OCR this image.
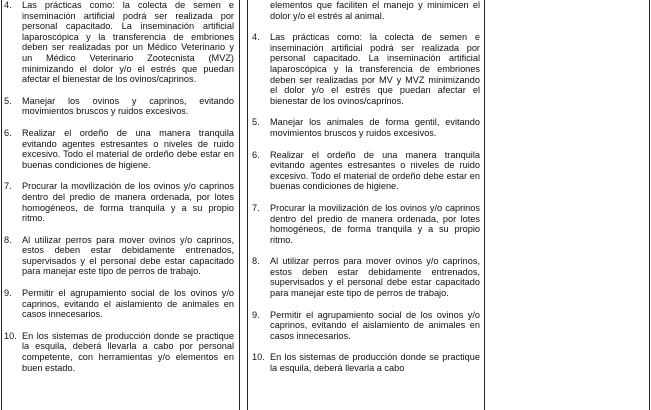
4.	Las prácticas como: la colecta de semen e inseminación artificial podrá ser realizada por personal capacitado. La inseminación artificial laparoscópica y la transferencia de embriones deben ser realizadas por un Médico Veterinario y un Médico Veterinario Zootecnista (MVZ) minimizando el dolor y/o el estrés que puedan afectar el bienestar de los ovinos/caprinos.
5.	Manejar los ovinos y caprinos, evitando movimientos bruscos y ruidos excesivos.
6.	Realizar el ordeño de una manera tranquila evitando agentes estresantes o niveles de ruido excesivo. Todo el material de ordeño debe estar en buenas condiciones de higiene.
7.	Procurar la movilización de los ovinos y/o caprinos dentro del predio de manera ordenada, por lotes homogéneos, de forma tranquila y a su propio ritmo.
8.	Al utilizar perros para mover ovinos y/o caprinos, estos deben estar debidamente entrenados, supervisados y el personal debe estar capacitado para manejar este tipo de perros de trabajo.
9.	Permitir el agrupamiento social de los ovinos y/o caprinos, evitando el aislamiento de animales en casos innecesarios.
10. En los sistemas de producción donde se practique la esquila, deberá llevarla a cabo por personal competente, con herramientas y/o elementos en buen estado.
elementos que faciliten el manejo y minimicen el dolor y/o el estrés al animal.
4.	Las prácticas como: la colecta de semen e inseminación artificial podrá ser realizada por personal capacitado. La inseminación artificial laparoscópica y la transferencia de embriones deben ser realizadas por MV y MVZ minimizando el dolor y/o el estrés que puedan afectar el bienestar de los ovinos/caprinos.
5.	Manejar los animales de forma gentil, evitando movimientos bruscos y ruidos excesivos.
6.	Realizar el ordeño de una manera tranquila evitando agentes estresantes o niveles de ruido excesivo. Todo el material de ordeño debe estar en buenas condiciones de higiene.
7.	Procurar la movilización de los ovinos y/o caprinos dentro del predio de manera ordenada, por lotes homogéneos, de forma tranquila y a su propio ritmo.
8.	Al utilizar perros para mover ovinos y/o caprinos, estos deben estar debidamente entrenados, supervisados y el personal debe estar capacitado para manejar este tipo de perros de trabajo.
9.	Permitir el agrupamiento social de los ovinos y/o caprinos, evitando el aislamiento de animales en casos innecesarios.
10. En los sistemas de producción donde se practique la esquila, deberá llevarla a cabo
